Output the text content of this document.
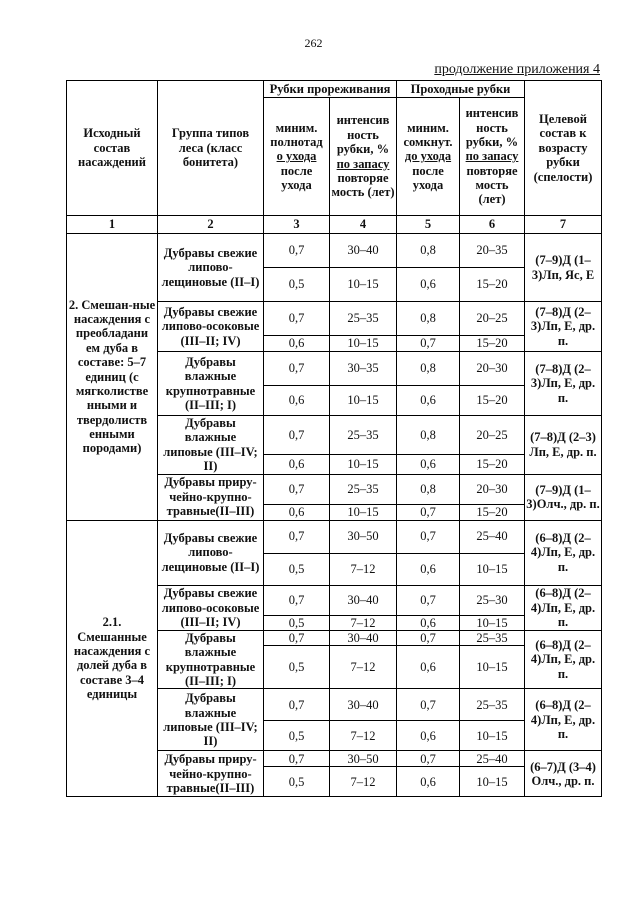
262
продолжение приложения 4
Исходный состав насаждений	Группа типов леса (класс бонитета)	Рубки прореживания		Проходные рубки		Целевой состав к возрасту рубки (спелости)
		миним. полнотад
о ухода
после ухода	интенсив ность рубки, %
по запасу
повторяе мость (лет)	миним. сомкнут.
до ухода
после ухода	интенсив ность рубки, %
по запасу
повторяе мость (лет)	
1	2	3	4	5	6	7
2. Смешан-ные насаждения с преобладани ем дуба в составе: 5–7 единиц (с мягколистве нными и твердолиств енными породами)	Дубравы свежие липово-лещиновые (II–I)	0,7	30–40	0,8	20–35	(7–9)Д (1–3)Лп, Яс, Е
		0,5	10–15	0,6	15–20	
	Дубравы свежие липово-осоковые (III–II; IV)	0,7	25–35	0,8	20–25	(7–8)Д (2–3)Лп, Е, др. п.
		0,6	10–15	0,7	15–20	
	Дубравы влажные крупнотравные (II–III; I)	0,7	30–35	0,8	20–30	(7–8)Д (2–3)Лп, Е, др. п.
		0,6	10–15	0,6	15–20	
	Дубравы влажные липовые (III–IV; II)	0,7	25–35	0,8	20–25	(7–8)Д (2–3) Лп, Е, др. п.
		0,6	10–15	0,6	15–20	
	Дубравы приру-чейно-крупно-травные(II–III)	0,7	25–35	0,8	20–30	(7–9)Д (1–3)Олч., др. п.
		0,6	10–15	0,7	15–20	
2.1. Смешанные насаждения с долей дуба в составе 3–4 единицы	Дубравы свежие липово-лещиновые (II–I)	0,7	30–50	0,7	25–40	(6–8)Д (2–4)Лп, Е, др. п.
		0,5	7–12	0,6	10–15	
	Дубравы свежие липово-осоковые (III–II; IV)	0,7	30–40	0,7	25–30	(6–8)Д (2–4)Лп, Е, др. п.
		0,5	7–12	0,6	10–15	
	Дубравы влажные крупнотравные (II–III; I)	0,7	30–40	0,7	25–35	(6–8)Д (2–4)Лп, Е, др. п.
		0,5	7–12	0,6	10–15	
	Дубравы влажные липовые (III–IV; II)	0,7	30–40	0,7	25–35	(6–8)Д (2–4)Лп, Е, др. п.
		0,5	7–12	0,6	10–15	
	Дубравы приру-чейно-крупно-травные(II–III)	0,7	30–50	0,7	25–40	(6–7)Д (3–4) Олч., др. п.
		0,5	7–12	0,6	10–15	
